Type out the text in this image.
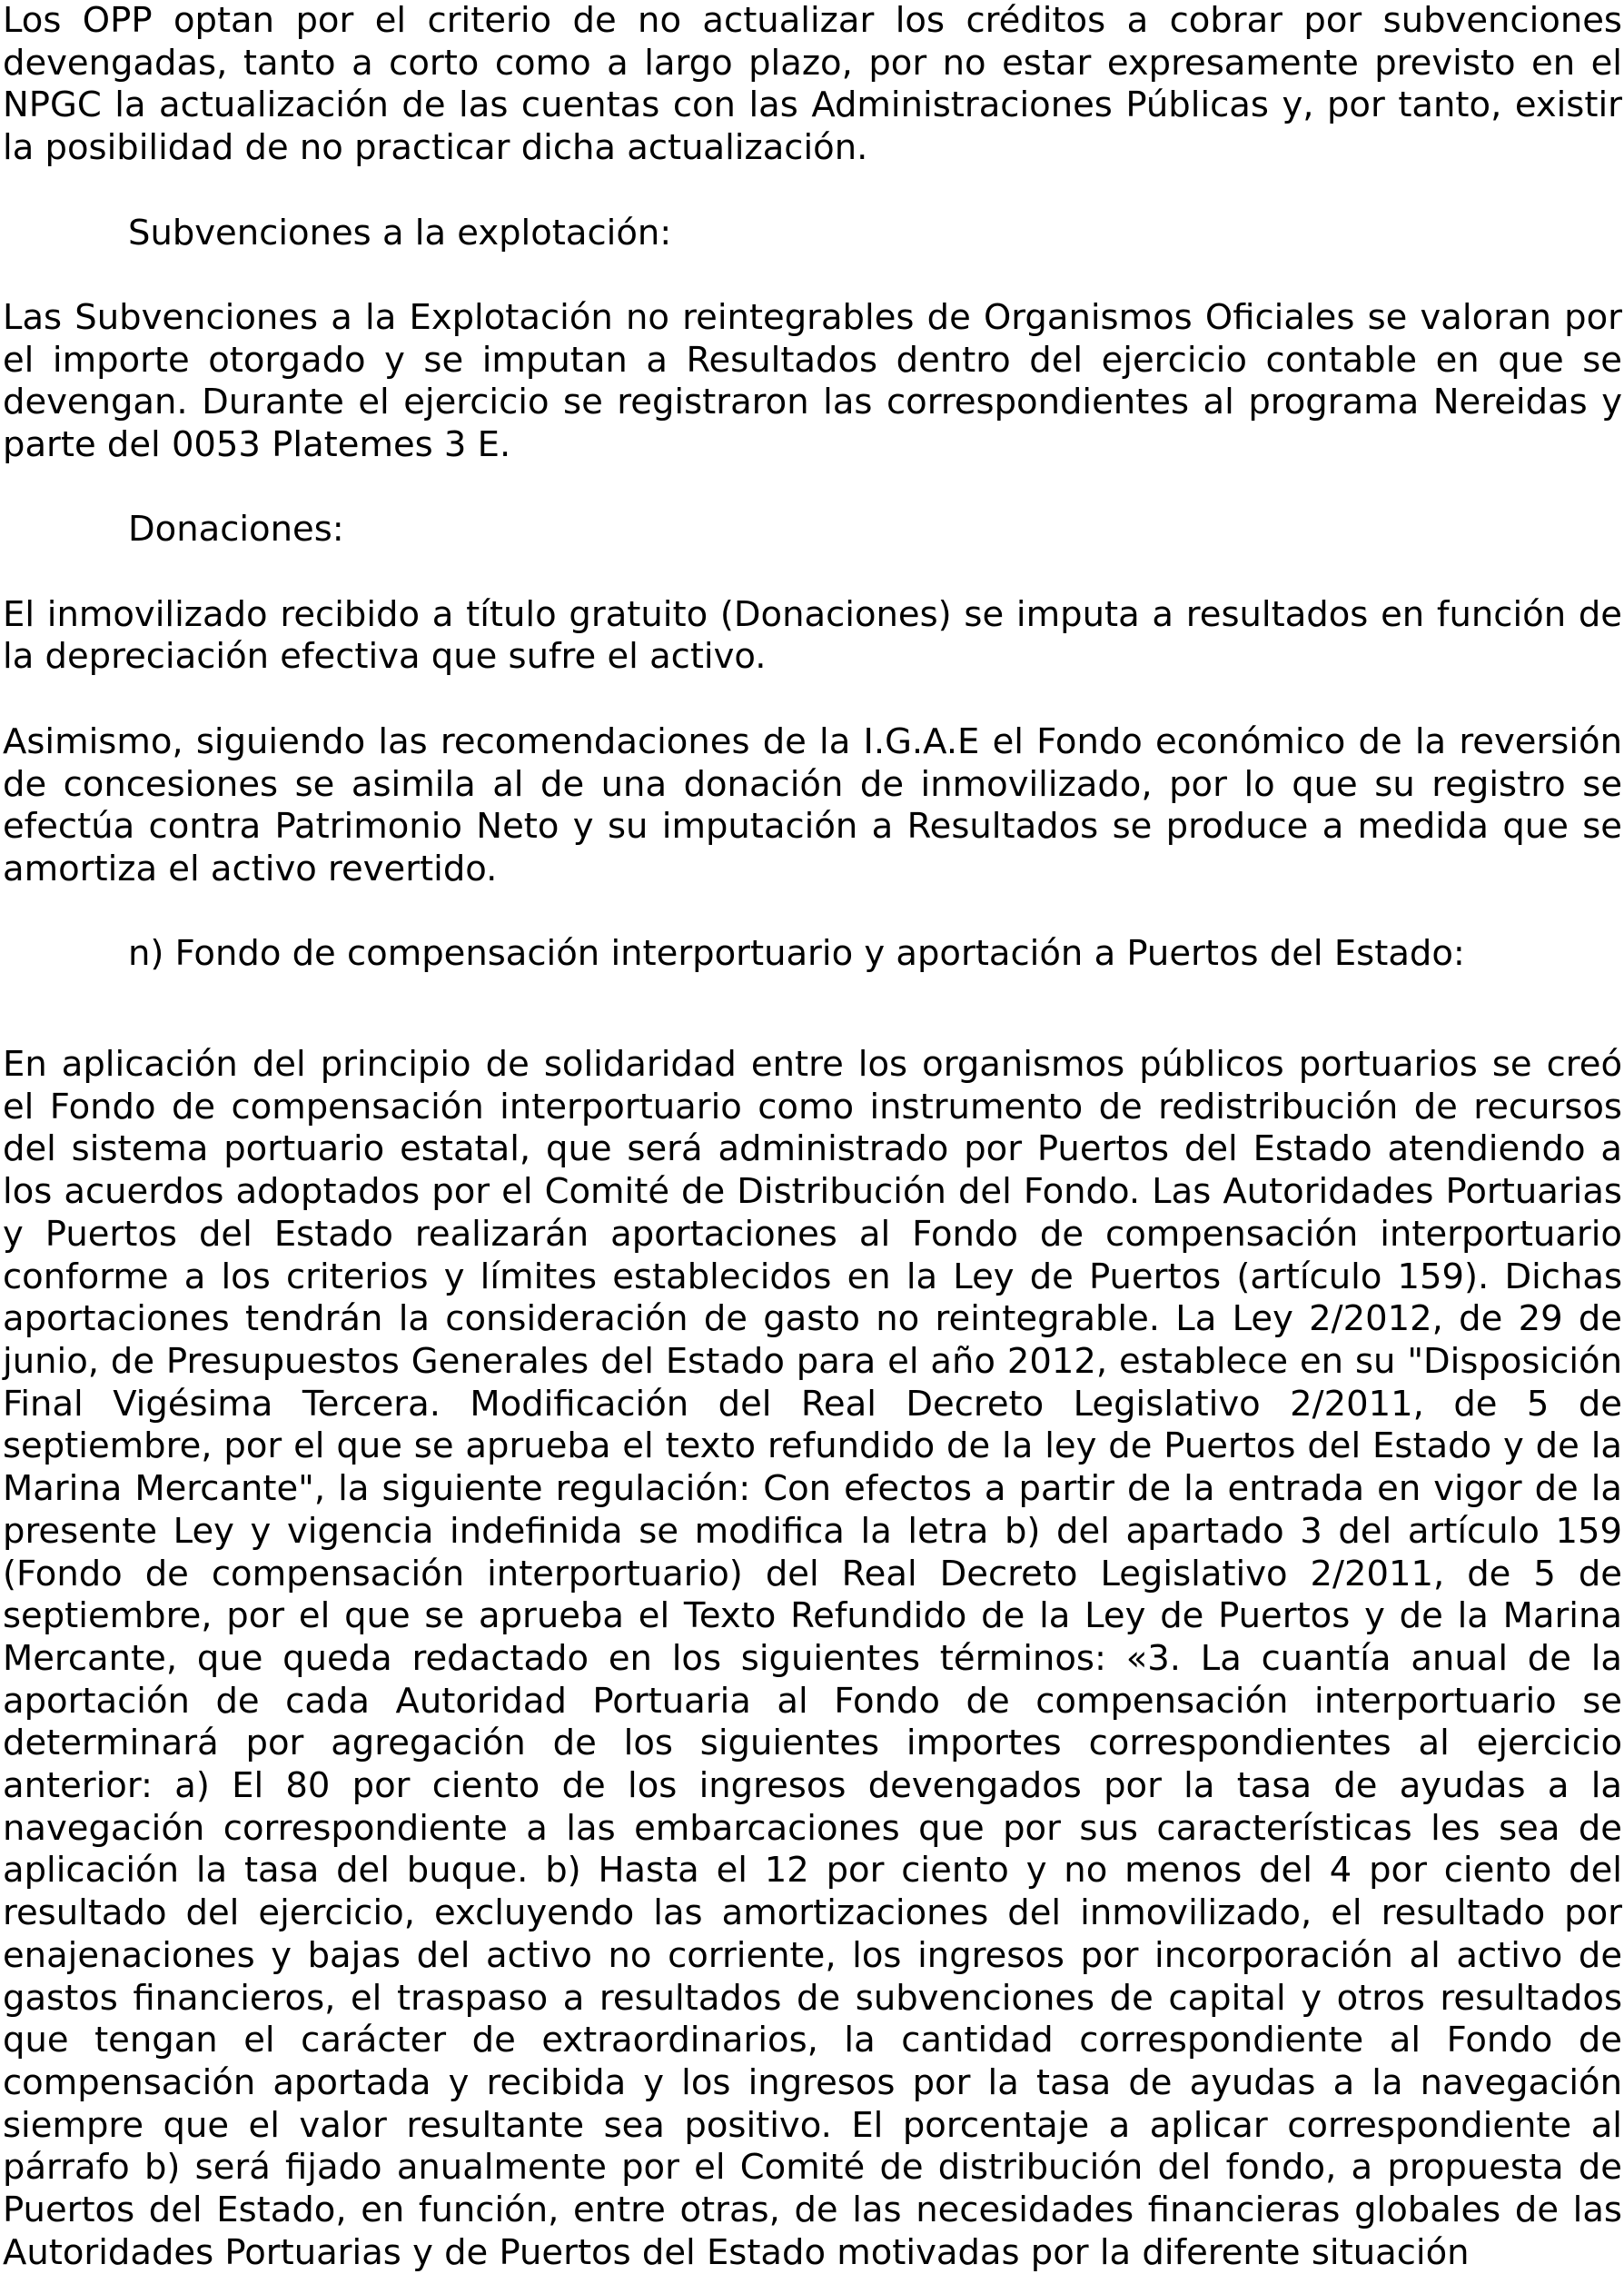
Los OPP optan por el criterio de no actualizar los créditos a cobrar por subvenciones devengadas, tanto a corto como a largo plazo, por no estar expresamente previsto en el NPGC la actualización de las cuentas con las Administraciones Públicas y, por tanto, existir la posibilidad de no practicar dicha actualización.

Subvenciones a la explotación:

Las Subvenciones a la Explotación no reintegrables de Organismos Oficiales se valoran por el importe otorgado y se imputan a Resultados dentro del ejercicio contable en que se devengan. Durante el ejercicio se registraron las correspondientes al programa Nereidas y parte del 0053 Platemes 3 E.

Donaciones:

El inmovilizado recibido a título gratuito (Donaciones) se imputa a resultados en función de la depreciación efectiva que sufre el activo.

Asimismo, siguiendo las recomendaciones de la I.G.A.E el Fondo económico de la reversión de concesiones se asimila al de una donación de inmovilizado, por lo que su registro se efectúa contra Patrimonio Neto y su imputación a Resultados se produce a medida que se amortiza el activo revertido.

n) Fondo de compensación interportuario y aportación a Puertos del Estado:

En aplicación del principio de solidaridad entre los organismos públicos portuarios se creó el Fondo de compensación interportuario como instrumento de redistribución de recursos del sistema portuario estatal, que será administrado por Puertos del Estado atendiendo a los acuerdos adoptados por el Comité de Distribución del Fondo. Las Autoridades Portuarias y Puertos del Estado realizarán aportaciones al Fondo de compensación interportuario conforme a los criterios y límites establecidos en la Ley de Puertos (artículo 159). Dichas aportaciones tendrán la consideración de gasto no reintegrable. La Ley 2/2012, de 29 de junio, de Presupuestos Generales del Estado para el año 2012, establece en su "Disposición Final Vigésima Tercera. Modificación del Real Decreto Legislativo 2/2011, de 5 de septiembre, por el que se aprueba el texto refundido de la ley de Puertos del Estado y de la Marina Mercante", la siguiente regulación: Con efectos a partir de la entrada en vigor de la presente Ley y vigencia indefinida se modifica la letra b) del apartado 3 del artículo 159 (Fondo de compensación interportuario) del Real Decreto Legislativo 2/2011, de 5 de septiembre, por el que se aprueba el Texto Refundido de la Ley de Puertos y de la Marina Mercante, que queda redactado en los siguientes términos: «3. La cuantía anual de la aportación de cada Autoridad Portuaria al Fondo de compensación interportuario se determinará por agregación de los siguientes importes correspondientes al ejercicio anterior: a) El 80 por ciento de los ingresos devengados por la tasa de ayudas a la navegación correspondiente a las embarcaciones que por sus características les sea de aplicación la tasa del buque. b) Hasta el 12 por ciento y no menos del 4 por ciento del resultado del ejercicio, excluyendo las amortizaciones del inmovilizado, el resultado por enajenaciones y bajas del activo no corriente, los ingresos por incorporación al activo de gastos financieros, el traspaso a resultados de subvenciones de capital y otros resultados que tengan el carácter de extraordinarios, la cantidad correspondiente al Fondo de compensación aportada y recibida y los ingresos por la tasa de ayudas a la navegación siempre que el valor resultante sea positivo. El porcentaje a aplicar correspondiente al párrafo b) será fijado anualmente por el Comité de distribución del fondo, a propuesta de Puertos del Estado, en función, entre otras, de las necesidades financieras globales de las Autoridades Portuarias y de Puertos del Estado motivadas por la diferente situación
